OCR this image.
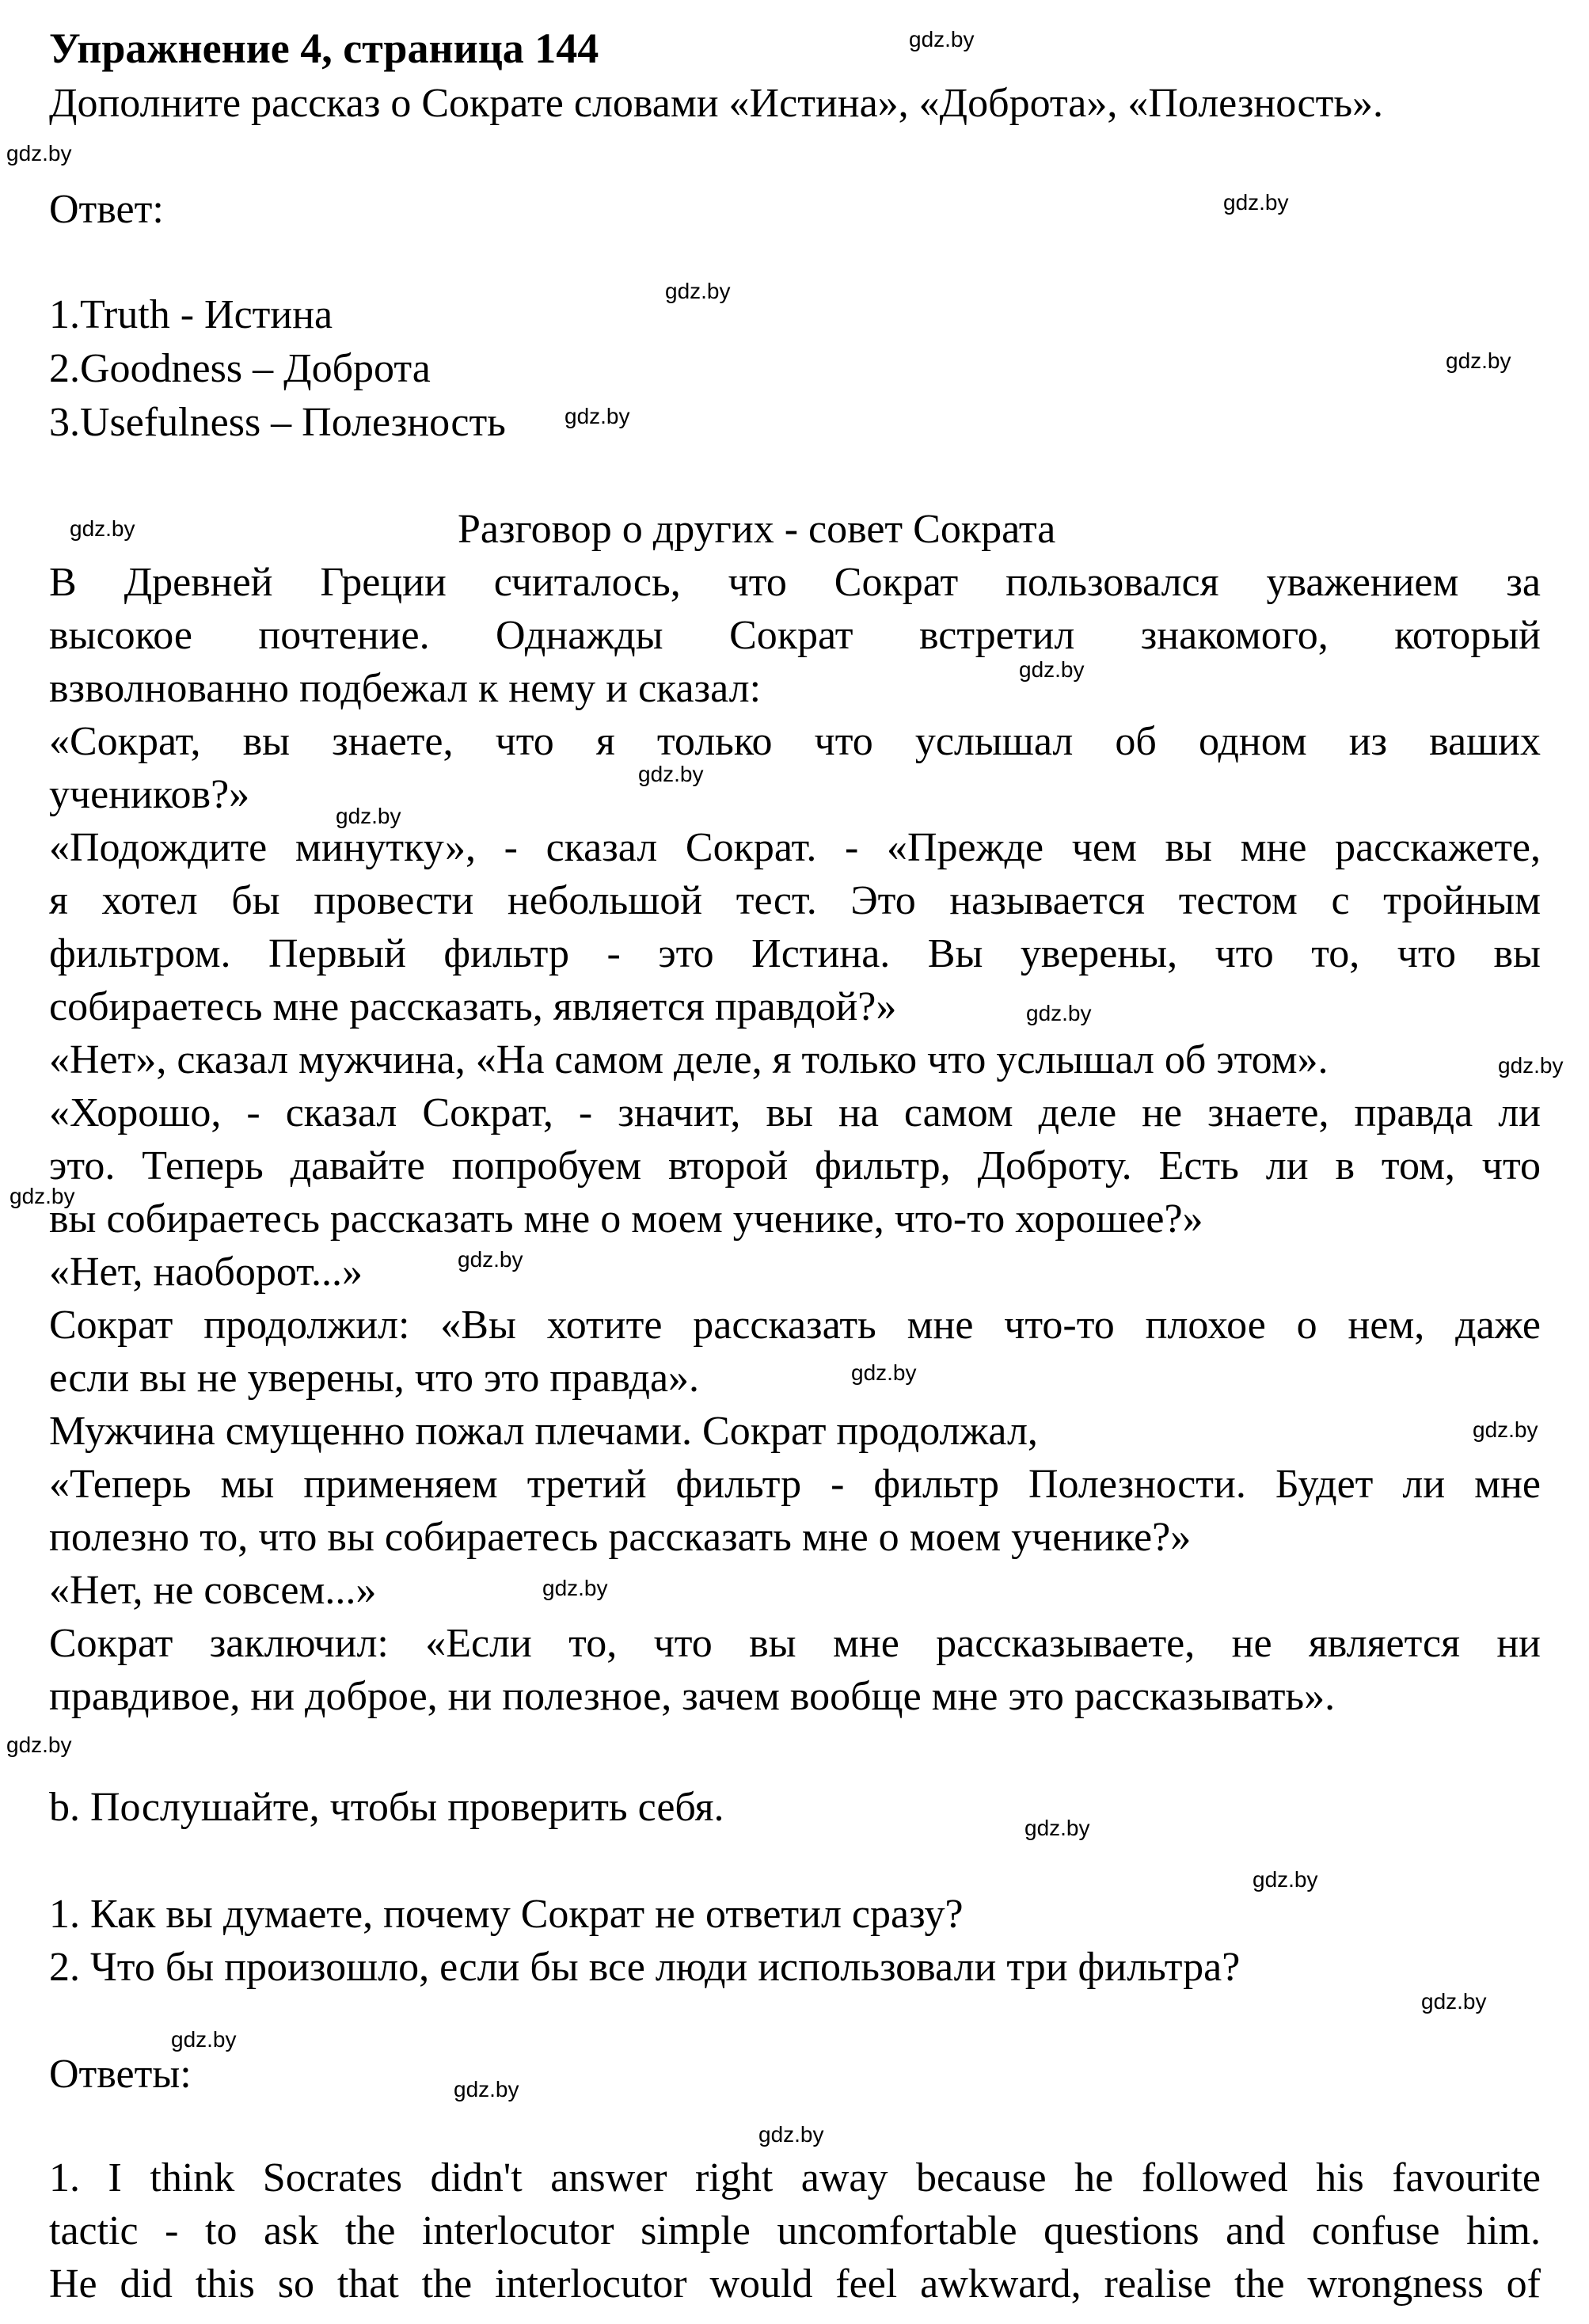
Упражнение 4, страница 144
Дополните рассказ о Сократе словами «Истина», «Доброта», «Полезность».
Ответ:
1.Truth - Истина
2.Goodness – Доброта
3.Usefulness – Полезность
Разговор о других - совет Сократа
В Древней Греции считалось, что Сократ пользовался уважением за
высокое почтение. Однажды Сократ встретил знакомого, который
взволнованно подбежал к нему и сказал:
«Сократ, вы знаете, что я только что услышал об одном из ваших
учеников?»
«Подождите минутку», - сказал Сократ. - «Прежде чем вы мне расскажете,
я хотел бы провести небольшой тест. Это называется тестом с тройным
фильтром. Первый фильтр - это Истина. Вы уверены, что то, что вы
собираетесь мне рассказать, является правдой?»
«Нет», сказал мужчина, «На самом деле, я только что услышал об этом».
«Хорошо, - сказал Сократ, - значит, вы на самом деле не знаете, правда ли
это. Теперь давайте попробуем второй фильтр, Доброту. Есть ли в том, что
вы собираетесь рассказать мне о моем ученике, что-то хорошее?»
«Нет, наоборот...»
Сократ продолжил: «Вы хотите рассказать мне что-то плохое о нем, даже
если вы не уверены, что это правда».
Мужчина смущенно пожал плечами. Сократ продолжал,
«Теперь мы применяем третий фильтр - фильтр Полезности. Будет ли мне
полезно то, что вы собираетесь рассказать мне о моем ученике?»
«Нет, не совсем...»
Сократ заключил: «Если то, что вы мне рассказываете, не является ни
правдивое, ни доброе, ни полезное, зачем вообще мне это рассказывать».
b. Послушайте, чтобы проверить себя.
1. Как вы думаете, почему Сократ не ответил сразу?
2. Что бы произошло, если бы все люди использовали три фильтра?
Ответы:
1. I think Socrates didn't answer right away because he followed his favourite
tactic - to ask the interlocutor simple uncomfortable questions and confuse him.
He did this so that the interlocutor would feel awkward, realise the wrongness of
gdz.by
gdz.by
gdz.by
gdz.by
gdz.by
gdz.by
gdz.by
gdz.by
gdz.by
gdz.by
gdz.by
gdz.by
gdz.by
gdz.by
gdz.by
gdz.by
gdz.by
gdz.by
gdz.by
gdz.by
gdz.by
gdz.by
gdz.by
gdz.by
